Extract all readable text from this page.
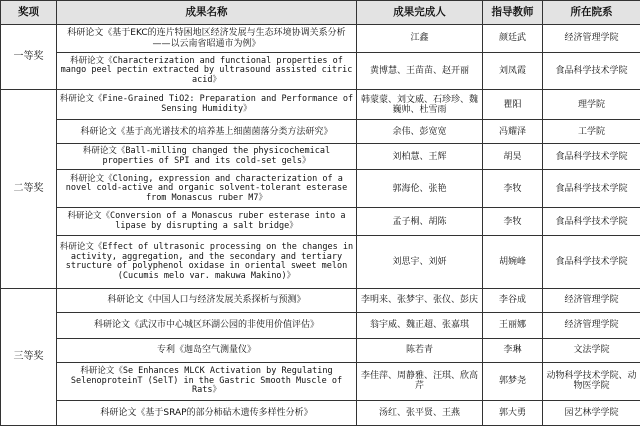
奖项	成果名称	成果完成人	指导教师	所在院系
一等奖	科研论文《基于EKC的连片特困地区经济发展与生态环境协调关系分析——以云南省昭通市为例》	江鑫	颜廷武	经济管理学院
	科研论文《Characterization and functional properties of mango peel pectin extracted by ultrasound assisted citric acid》	黄博慧、王苗苗、赵开丽	刘凤霞	食品科学技术学院
二等奖	科研论文《Fine-Grained TiO2: Preparation and Performance of Sensing Humidity》	韩蒙蒙、刘文威、石珍珍、魏巍帅、杜雪雨	瞿阳	理学院
	科研论文《基于高光谱技术的培养基上细菌菌落分类方法研究》	余伟、彭宽宽	冯耀泽	工学院
	科研论文《Ball-milling changed the physicochemical properties of SPI and its cold-set gels》	刘柏慧、王辉	胡昊	食品科学技术学院
	科研论文《Cloning, expression and characterization of a novel cold-active and organic solvent-tolerant esterase from Monascus ruber M7》	郭海伦、张艳	李牧	食品科学技术学院
	科研论文《Conversion of a Monascus ruber esterase into a lipase by disrupting a salt bridge》	孟子桐、胡陈	李牧	食品科学技术学院
	科研论文《Effect of ultrasonic processing on the changes in activity, aggregation, and the secondary and tertiary structure of polyphenol oxidase in oriental sweet melon (Cucumis melo var. makuwa Makino)》	刘思宇、刘妍	胡婉峰	食品科学技术学院
三等奖	科研论文《中国人口与经济发展关系探析与预测》	李明来、张梦宇、张仪、彭庆	李谷成	经济管理学院
	科研论文《武汉市中心城区环湖公园的非使用价值评估》	翁宇威、魏正超、张嘉琪	王丽娜	经济管理学院
	专利《迦岛空气测量仪》	陈若青	李琳	文法学院
	科研论文《Se Enhances MLCK Activation by Regulating SelenoproteinT (SelT) in the Gastric Smooth Muscle of Rats》	李佳萍、周静雅、汪琪、欣高芹	郭梦尧	动物科学技术学院、动物医学院
	科研论文《基于SRAP的部分柿砧木遗传多样性分析》	汤红、张平贤、王燕	郭大勇	园艺林学学院
